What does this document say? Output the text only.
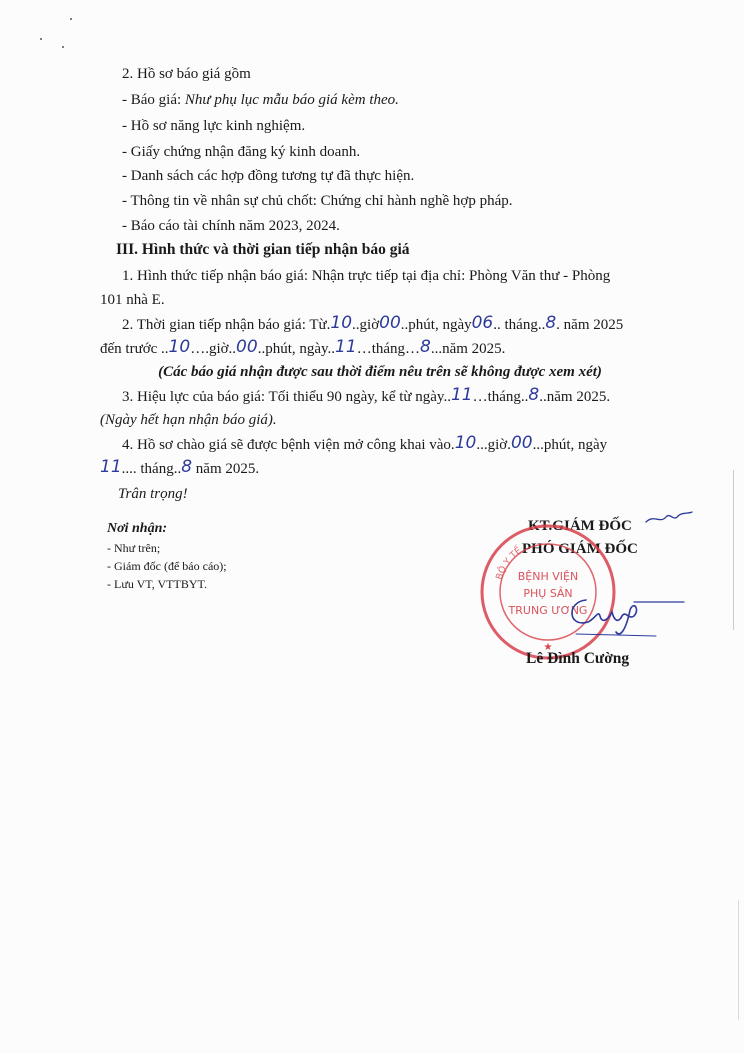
2. Hồ sơ báo giá gồm
- Báo giá: Như phụ lục mẫu báo giá kèm theo.
- Hồ sơ năng lực kinh nghiệm.
- Giấy chứng nhận đăng ký kinh doanh.
- Danh sách các hợp đồng tương tự đã thực hiện.
- Thông tin về nhân sự chủ chốt: Chứng chỉ hành nghề hợp pháp.
- Báo cáo tài chính năm 2023, 2024.
III. Hình thức và thời gian tiếp nhận báo giá
1. Hình thức tiếp nhận báo giá: Nhận trực tiếp tại địa chỉ: Phòng Văn thư - Phòng
101 nhà E.
2. Thời gian tiếp nhận báo giá: Từ.10..giờ00..phút, ngày06.. tháng..8. năm 2025
đến trước ..10….giờ..00..phút, ngày..11…tháng…8...năm 2025.
(Các báo giá nhận được sau thời điểm nêu trên sẽ không được xem xét)
3. Hiệu lực của báo giá: Tối thiểu 90 ngày, kể từ ngày..11…tháng..8..năm 2025.
(Ngày hết hạn nhận báo giá).
4. Hồ sơ chào giá sẽ được bệnh viện mở công khai vào.10...giờ.00...phút, ngày
11.... tháng..8 năm 2025.
Trân trọng!
Nơi nhận:
- Như trên;
- Giám đốc (để báo cáo);
- Lưu VT, VTTBYT.
KT.GIÁM ĐỐC
PHÓ GIÁM ĐỐC
BỘ Y TẾ
BỆNH VIỆN
PHỤ SẢN
TRUNG ƯƠNG
★
Lê Đình Cường
